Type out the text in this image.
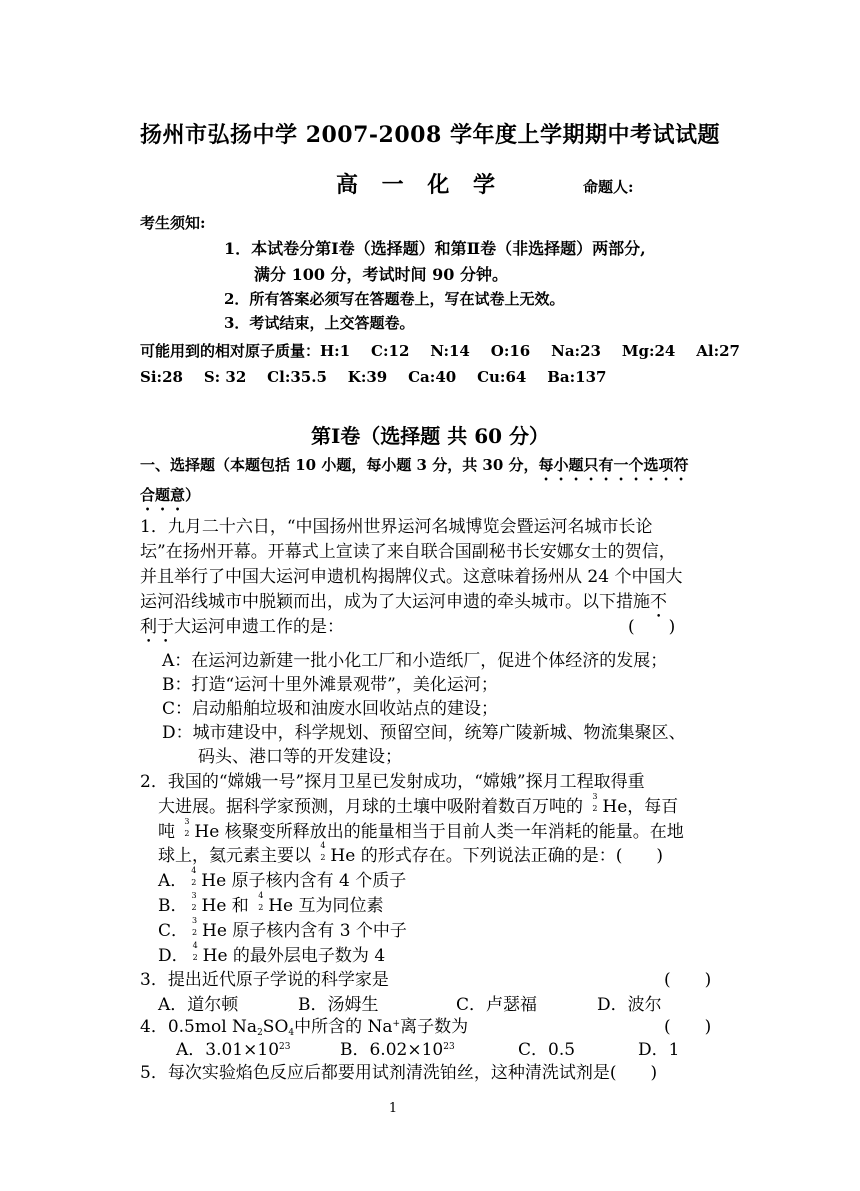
扬州市弘扬中学 2007-2008 学年度上学期期中考试试题
高 一 化 学	命题人:
考生须知:
1．本试卷分第Ⅰ卷（选择题）和第Ⅱ卷（非选择题）两部分,
满分 100 分，考试时间 90 分钟。
2．所有答案必须写在答题卷上，写在试卷上无效。
3．考试结束，上交答题卷。
可能用到的相对原子质量：H:1    C:12    N:14    O:16    Na:23    Mg:24    Al:27
Si:28    S: 32    Cl:35.5    K:39    Ca:40    Cu:64    Ba:137
第Ⅰ卷（选择题 共 60 分）
一、选择题（本题包括 10 小题，每小题 3 分，共 30 分，每小题只有一个选项符
合题意）
1．九月二十六日，“中国扬州世界运河名城博览会暨运河名城市长论
坛”在扬州开幕。开幕式上宣读了来自联合国副秘书长安娜女士的贺信，
并且举行了中国大运河申遗机构揭牌仪式。这意味着扬州从 24 个中国大
运河沿线城市中脱颖而出，成为了大运河申遗的牵头城市。以下措施不
利于大运河申遗工作的是：	(　　)
A：在运河边新建一批小化工厂和小造纸厂，促进个体经济的发展；
B：打造“运河十里外滩景观带”，美化运河；
C：启动船舶垃圾和油废水回收站点的建设；
D：城市建设中，科学规划、预留空间，统筹广陵新城、物流集聚区、
码头、港口等的开发建设；
2．我国的“嫦娥一号”探月卫星已发射成功，“嫦娥”探月工程取得重
大进展。据科学家预测，月球的土壤中吸附着数百万吨的
3
2 He，每百
吨
3
2 He 核聚变所释放出的能量相当于目前人类一年消耗的能量。在地
球上，氦元素主要以
4
2 He 的形式存在。下列说法正确的是：(　　)
A．
4
2 He 原子核内含有 4 个质子
B．
3
2 He 和
4
2 He 互为同位素
C．
3
2 He 原子核内含有 3 个中子
D．
4
2 He 的最外层电子数为 4
3．提出近代原子学说的科学家是	(　　)
A．道尔顿	B．汤姆生	C．卢瑟福	D．波尔
4．0.5mol Na2SO4中所含的 Na+离子数为	(　　)
A．$3.01\times 10^{23}$	B．$6.02\times 10^{23}$	C．0.5	D．1
5．每次实验焰色反应后都要用试剂清洗铂丝，这种清洗试剂是(　　)
1
